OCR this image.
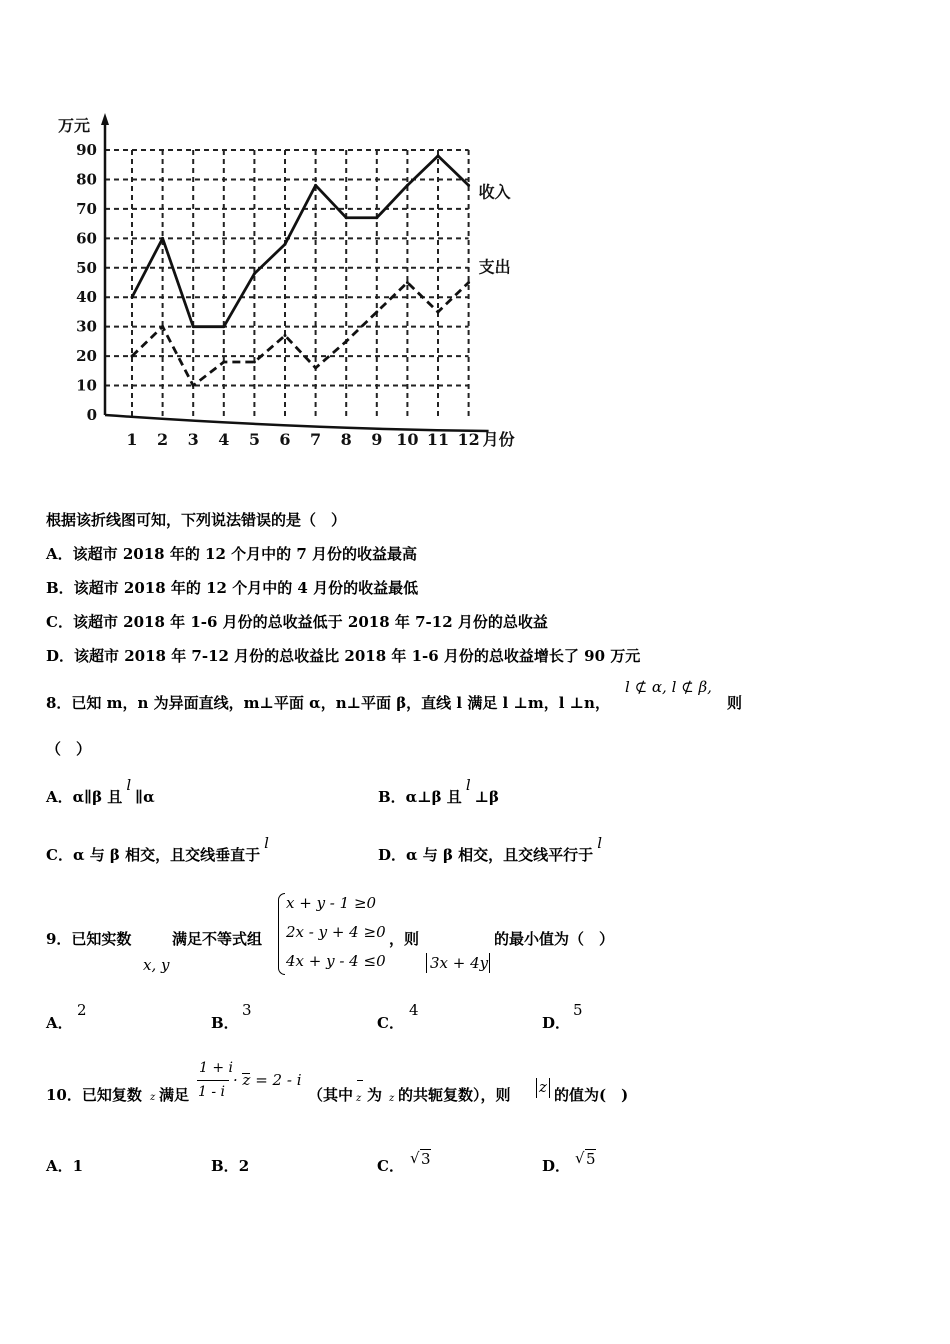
0
10
20
30
40
50
60
70
80
90
1 2 3 4 5 6 7 8 9 10 11 12
收入
支出
万元
月份
根据该折线图可知，下列说法错误的是（　）
A．该超市 2018 年的 12 个月中的 7 月份的收益最高
B．该超市 2018 年的 12 个月中的 4 月份的收益最低
C．该超市 2018 年 1-6 月份的总收益低于 2018 年 7-12 月份的总收益
D．该超市 2018 年 7-12 月份的总收益比 2018 年 1-6 月份的总收益增长了 90 万元
8．已知 m，n 为异面直线，m⊥平面 α，n⊥平面 β，直线 l 满足 l ⊥m，l ⊥n，
l ⊄ α, l ⊄ β,
则
（　）
A．α∥β 且l∥α	B．α⊥β 且l⊥β
C．α 与 β 相交，且交线垂直于l
D．α 与 β 相交，且交线平行于l
9．已知实数
x, y
满足不等式组
x + y - 1 ≥0
2x - y + 4 ≥0
4x + y - 4 ≤0
，则
3x + 4y
的最小值为（　）
A．
2
B．
3
C．
4
D．
5
10．已知复数 z 满足
1 + i
1 - i
· z = 2 - i
（其中 z 为 z 的共轭复数），则 z 的值为(　)
A．1	B．2	C． √ 3	D． √ 5
